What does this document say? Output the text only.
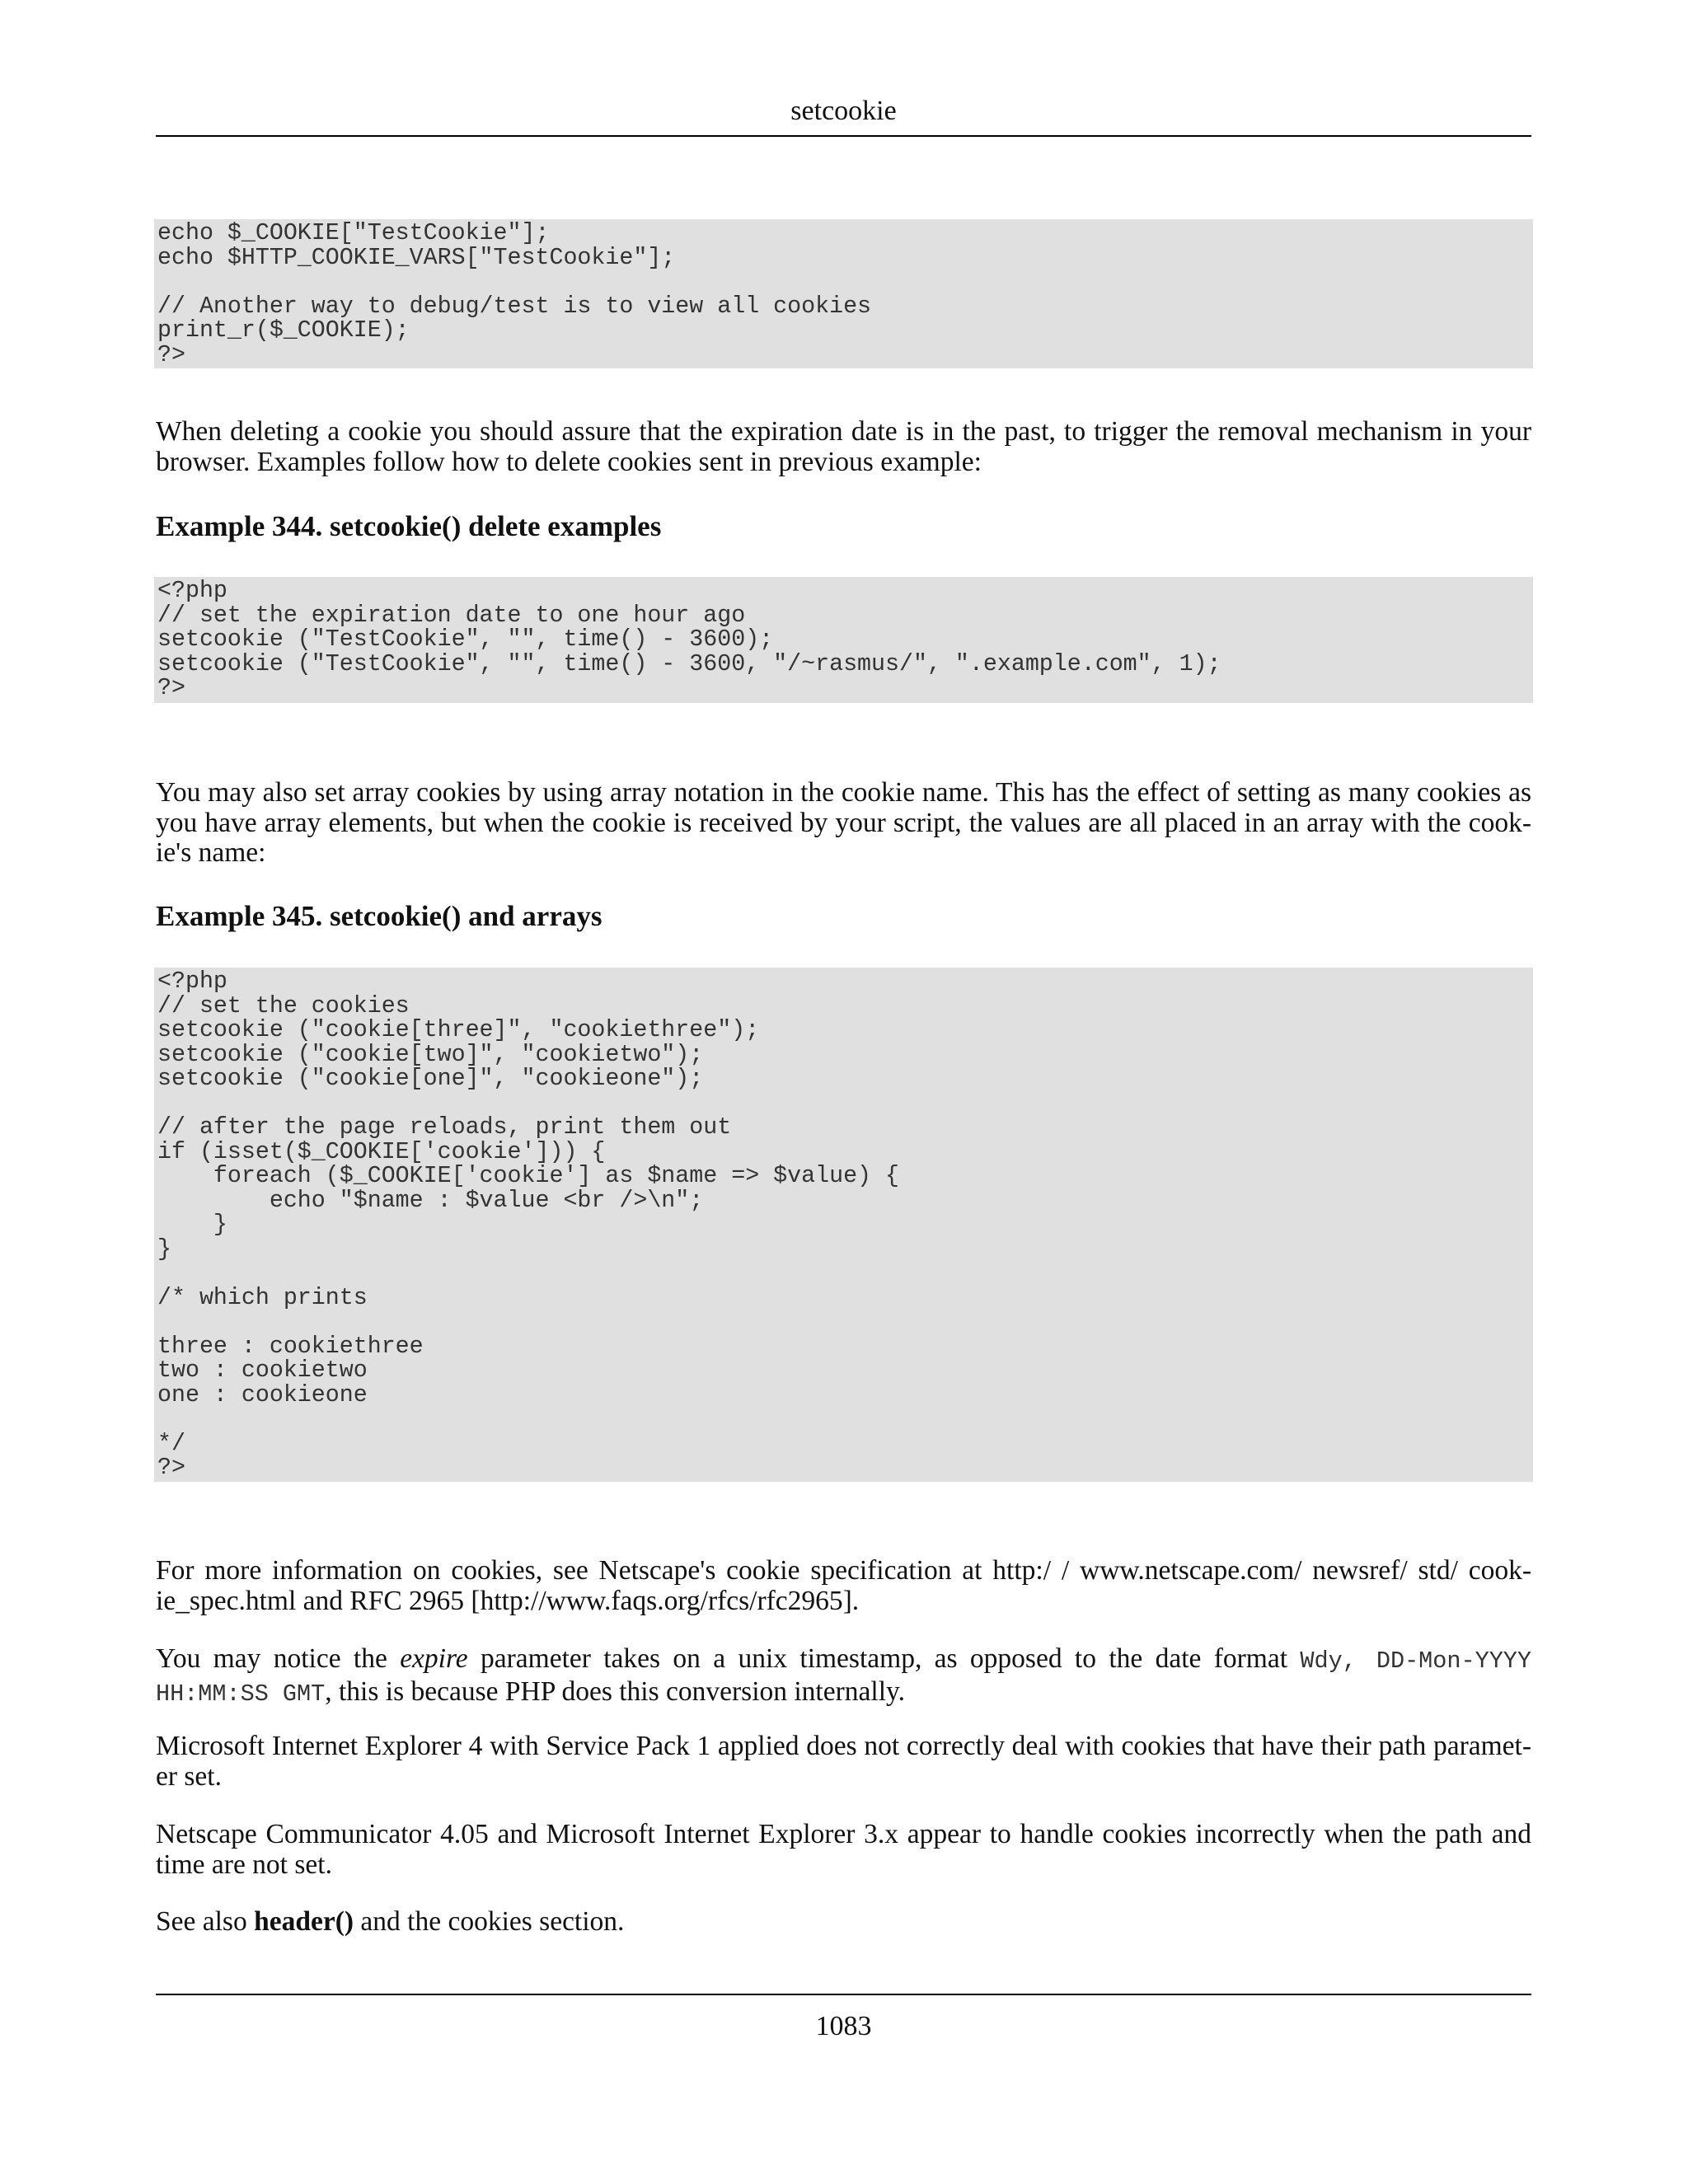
setcookie
echo $_COOKIE["TestCookie"];
echo $HTTP_COOKIE_VARS["TestCookie"];

// Another way to debug/test is to view all cookies
print_r($_COOKIE);
?>

When deleting a cookie you should assure that the expiration date is in the past, to trigger the removal mechanism in your browser. Examples follow how to delete cookies sent in previous example:

Example 344. setcookie() delete examples
<?php
// set the expiration date to one hour ago
setcookie ("TestCookie", "", time() - 3600);
setcookie ("TestCookie", "", time() - 3600, "/~rasmus/", ".example.com", 1);
?>

You may also set array cookies by using array notation in the cookie name. This has the effect of setting as many cookies as you have array elements, but when the cookie is received by your script, the values are all placed in an array with the cook-ie's name:

Example 345. setcookie() and arrays
<?php
// set the cookies
setcookie ("cookie[three]", "cookiethree");
setcookie ("cookie[two]", "cookietwo");
setcookie ("cookie[one]", "cookieone");

// after the page reloads, print them out
if (isset($_COOKIE['cookie'])) {
foreach ($_COOKIE['cookie'] as $name => $value) {
echo "$name : $value <br />\n";
}
}

/* which prints

three : cookiethree
two : cookietwo
one : cookieone

*/
?>

For more information on cookies, see Netscape's cookie specification at http:/ / www.netscape.com/ newsref/ std/ cook-ie_spec.html and RFC 2965 [http://www.faqs.org/rfcs/rfc2965].

You may notice the expire parameter takes on a unix timestamp, as opposed to the date format Wdy, DD-Mon-YYYY HH:MM:SS GMT, this is because PHP does this conversion internally.

Microsoft Internet Explorer 4 with Service Pack 1 applied does not correctly deal with cookies that have their path paramet-er set.

Netscape Communicator 4.05 and Microsoft Internet Explorer 3.x appear to handle cookies incorrectly when the path and time are not set.

See also header() and the cookies section.

1083
